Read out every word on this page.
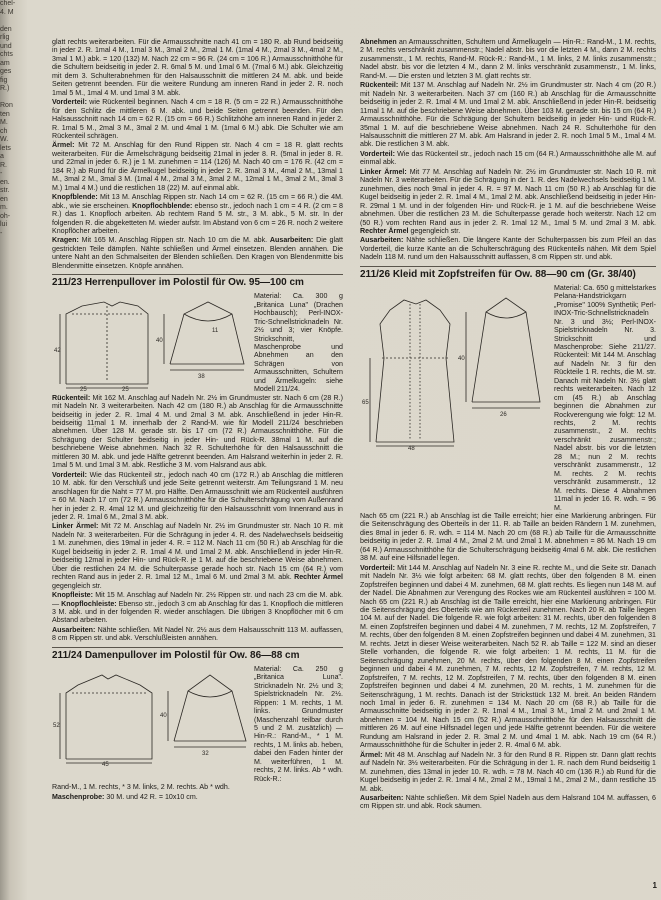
chel-
4. M

den
rlig
und
chts
am
ges
fig
R.)

Ron
ten
M.
ch
W.
lets
a
R.
-
en.
str.
en
m.
oh-
lui
-

glatt rechts weiterarbeiten. Für die Armausschnitte nach 41 cm = 180 R. ab Rund beidseitig in jeder 2. R. 1mal 4 M., 1mal 3 M., 3mal 2 M., 2mal 1 M. (1mal 4 M., 2mal 3 M., 4mal 2 M., 3mal 1 M.) abk. = 120 (132) M. Nach 22 cm = 96 R. (24 cm = 106 R.) Armausschnitthöhe für die Schultern beidseitig in jeder 2. R. 6mal 5 M. und 1mal 6 M. (7mal 6 M.) abk. Gleichzeitig mit dem 3. Schulterabnehmen für den Halsausschnitt die mittleren 24 M. abk. und beide Seiten getrennt beenden. Für die weitere Rundung am inneren Rand in jeder 2. R. noch 1mal 5 M., 1mal 4 M. und 1mal 3 M. abk.

Vorderteil: wie Rückenteil beginnen. Nach 4 cm = 18 R. (5 cm = 22 R.) Armausschnitthöhe für den Schlitz die mittleren 6 M. abk. und beide Seiten getrennt beenden. Für den Halsausschnitt nach 14 cm = 62 R. (15 cm = 66 R.) Schlitzhöhe am inneren Rand in jeder 2. R. 1mal 5 M., 2mal 3 M., 3mal 2 M. und 4mal 1 M. (1mal 6 M.) abk. Die Schulter wie am Rückenteil schrägen.

Ärmel: Mit 72 M. Anschlag für den Rund Rippen str. Nach 4 cm = 18 R. glatt rechts weiterarbeiten. Für die Ärmelschrägung beidseitig 21mal in jeder 8. R. (5mal in jeder 8. R. und 22mal in jeder 6. R.) je 1 M. zunehmen = 114 (126) M. Nach 40 cm = 176 R. (42 cm = 184 R.) ab Rund für die Ärmelkugel beidseitig in jeder 2. R. 3mal 3 M., 4mal 2 M., 13mal 1 M., 3mal 2 M., 3mal 3 M. (1mal 4 M., 2mal 3 M., 3mal 2 M., 12mal 1 M., 3mal 2 M., 3mal 3 M.) 1mal 4 M.) und die restlichen 18 (22) M. auf einmal abk.

Knopfblende: Mit 13 M. Anschlag Rippen str. Nach 14 cm = 62 R. (15 cm = 66 R.) die 4M. abk., wie sie erscheinen. Knopflochblende: ebenso str., jedoch nach 1 cm = 4 R. (2 cm = 8 R.) das 1. Knopfloch arbeiten. Ab rechtem Rand 5 M. str., 3 M. abk., 5 M. str. In der folgenden R. die abgeketteten M. wieder aufstr. Im Abstand von 6 cm = 26 R. noch 2 weitere Knopflöcher arbeiten.

Kragen: Mit 165 M. Anschlag Rippen str. Nach 10 cm die M. abk. Ausarbeiten: Die glatt gestrickten Teile dämpfen. Nähte schließen und Ärmel einsetzen. Blenden annähen. Die untere Naht an den Schmalseiten der Blenden schließen. Den Kragen von Blendenmitte bis Blendenmitte einsetzen. Knöpfe annähen.

211/23 Herrenpullover im Polostil für Ow. 95—100 cm
42
25	25
40
38
11
Material: Ca. 300 g „Britanica Luna" (Drachen Hochbausch); Perl-INOX-Tric-Schnellstricknadeln Nr. 2½ und 3; vier Knöpfe. Strickschnitt, Maschenprobe und Abnehmen an den Schrägen von Armausschnitten, Schultern und Ärmelkugeln: siehe Modell 211/24.

Rückenteil: Mit 162 M. Anschlag auf Nadeln Nr. 2½ im Grundmuster str. Nach 6 cm (28 R.) mit Nadeln Nr. 3 weiterarbeiten. Nach 42 cm (180 R.) ab Anschlag für die Armausschnitte beidseitig in jeder 2. R. 1mal 4 M. und 2mal 3 M. abk. Anschließend in jeder Hin-R. beidseitig 11mal 1 M. innerhalb der 2 Rand-M. wie für Modell 211/24 beschrieben abnehmen. Über 128 M. gerade str. bis 17 cm (72 R.) Armausschnitthöhe. Für die Schrägung der Schulter beidseitig in jeder Hin- und Rück-R. 38mal 1 M. auf die beschriebene Weise abnehmen. Nach 32 R. Schulterhöhe für den Halsausschnitt die mittleren 30 M. abk. und jede Hälfte getrennt beenden. Am Halsrand weiterhin in jeder 2. R. 1mal 5 M. und 1mal 3 M. abk. Restliche 3 M. vom Halsrand aus abk.

Vorderteil: Wie das Rückenteil str., jedoch nach 40 cm (172 R.) ab Anschlag die mittleren 10 M. abk. für den Verschluß und jede Seite getrennt weiterstr. Am Teilungsrand 1 M. neu anschlagen für die Naht = 77 M. pro Hälfte. Den Armausschnitt wie am Rückenteil ausführen = 60 M. Nach 17 cm (72 R.) Armausschnitthöhe für die Schulterschrägung vom Außenrand her in jeder 2. R. 4mal 12 M. und gleichzeitig für den Halsausschnitt vom Innenrand aus in jeder 2. R. 1mal 6 M., 2mal 3 M. abk.

Linker Ärmel: Mit 72 M. Anschlag auf Nadeln Nr. 2½ im Grundmuster str. Nach 10 R. mit Nadeln Nr. 3 weiterarbeiten. Für die Schrägung in jeder 4. R. des Nadelwechsels beidseitig 1 M. zunehmen, dies 19mal in jeder 4. R. = 112 M. Nach 11 cm (50 R.) ab Anschlag für die Kugel beidseitig in jeder 2. R. 1mal 4 M. und 1mal 2 M. abk. Anschließend in jeder Hin-R. beidseitig 12mal in jeder Hin- und Rück-R. je 1 M. auf die beschriebene Weise abnehmen. Über die restlichen 24 M. die Schulterpasse gerade hoch str. Nach 15 cm (64 R.) vom rechten Rand aus in jeder 2. R. 1mal 12 M., 1mal 6 M. und 2mal 3 M. abk. Rechter Ärmel gegengleich str.

Knopfleiste: Mit 15 M. Anschlag auf Nadeln Nr. 2½ Rippen str. und nach 23 cm die M. abk. — Knopflochleiste: Ebenso str., jedoch 3 cm ab Anschlag für das 1. Knopfloch die mittleren 3 M. abk. und in der folgenden R. wieder anschlagen. Die übrigen 3 Knopflöcher mit 6 cm Abstand arbeiten.

Ausarbeiten: Nähte schließen. Mit Nadel Nr. 2½ aus dem Halsausschnitt 113 M. auffassen, 8 cm Rippen str. und abk. Verschlußleisten annähen.

211/24 Damenpullover im Polostil für Ow. 86—88 cm
52
45
40
32
Material: Ca. 250 g „Britanica Luna". Stricknadeln Nr. 2½ und 3; Spielstricknadeln Nr. 2½. Rippen: 1 M. rechts, 1 M. links. Grundmuster (Maschenzahl teilbar durch 5 und 2 M. zusätzlich) — Hin-R.: Rand-M., * 1 M. rechts, 1 M. links ab. heben, dabei den Faden hinter der M. weiterführen, 1 M. rechts, 2 M. links. Ab * wdh. Rück-R.:

Rand-M., 1 M. rechts, * 3 M. links, 2 M. rechts. Ab * wdh.

Maschenprobe: 30 M. und 42 R. = 10x10 cm.

Abnehmen an Armausschnitten, Schultern und Ärmelkugeln — Hin-R.: Rand-M., 1 M. rechts, 2 M. rechts verschränkt zusammenstr.; Nadel abstr. bis vor die letzten 4 M., dann 2 M. rechts zusammenstr., 1 M. rechts, Rand-M. Rück-R.: Rand-M., 1 M. links, 2 M. links zusammenstr.; Nadel abstr. bis vor die letzten 4 M., dann 2 M. links verschränkt zusammenstr., 1 M. links, Rand-M. — Die ersten und letzten 3 M. glatt rechts str.

Rückenteil: Mit 137 M. Anschlag auf Nadeln Nr. 2½ im Grundmuster str. Nach 4 cm (20 R.) mit Nadeln Nr. 3 weiterarbeiten. Nach 37 cm (160 R.) ab Anschlag für die Armausschnitte beidseitig in jeder 2. R. 1mal 4 M. und 1mal 2 M. abk. Anschließend in jeder Hin-R. beidseitig 11mal 1 M. auf die beschriebene Weise abnehmen. Über 103 M. gerade str. bis 15 cm (64 R.) Armausschnitthöhe. Für die Schrägung der Schultern beidseitig in jeder Hin- und Rück-R. 35mal 1 M. auf die beschriebene Weise abnehmen. Nach 24 R. Schulterhöhe für den Halsausschnitt die mittleren 27 M. abk. Am Halsrand in jeder 2. R. noch 1mal 5 M., 1mal 4 M. abk. Die restlichen 3 M. abk.

Vorderteil: Wie das Rückenteil str., jedoch nach 15 cm (64 R.) Armausschnitthöhe alle M. auf einmal abk.

Linker Ärmel: Mit 77 M. Anschlag auf Nadeln Nr. 2½ im Grundmuster str. Nach 10 R. mit Nadeln Nr. 3 weiterarbeiten. Für die Schrägung in der 1. R. des Nadelwechsels beidseitig 1 M. zunehmen, dies noch 9mal in jeder 4. R. = 97 M. Nach 11 cm (50 R.) ab Anschlag für die Kugel beidseitig in jeder 2. R. 1mal 4 M., 1mal 2 M. abk. Anschließend beidseitig in jeder Hin-R. 29mal 1 M. und in der folgenden Hin- und Rück-R. je 1 M. auf die beschriebene Weise abnehmen. Über die restlichen 23 M. die Schulterpasse gerade hoch weiterstr. Nach 12 cm (50 R.) vom rechten Rand aus in jeder 2. R. 1mal 12 M., 1mal 5 M. und 2mal 3 M. abk. Rechter Ärmel gegengleich str.

Ausarbeiten: Nähte schließen. Die längere Kante der Schulterpassen bis zum Pfeil an das Vorderteil, die kurze Kante an die Schulterschrägung des Rückenteils nähen. Mit dem Spiel Nadeln 118 M. rund um den Halsausschnitt auffassen, 8 cm Rippen str. und abk.

211/26 Kleid mit Zopfstreifen für Ow. 88—90 cm (Gr. 38/40)
65
48
40
26
Material: Ca. 650 g mittelstarkes Pelana-Handstrickgarn „Promise" 100% Synthetik; Perl-INOX-Tric-Schnellstricknadeln Nr. 3 und 3½; Perl-INOX-Spielstricknadeln Nr. 3. Strickschnitt und Maschenprobe: Siehe 211/27. Rückenteil: Mit 144 M. Anschlag auf Nadeln Nr. 3 für den Rückteile 1 R. rechts, die M. str. Danach mit Nadeln Nr. 3½ glatt rechts weiterarbeiten. Nach 12 cm (45 R.) ab Anschlag beginnen die Abnahmen zur Rockverengung wie folgt: 12 M. rechts, 2 M. rechts zusammenstr., 2 M. rechts verschränkt zusammenstr.; Nadel abstr. bis vor die letzten 28 M.; nun 2 M. rechts verschränkt zusammenstr., 12 M. rechts. 2 M. rechts verschränkt zusammenstr., 12 M. rechts. Diese 4 Abnahmen 11mal in jeder 16. R. wdh. = 96 M.

Nach 65 cm (221 R.) ab Anschlag ist die Taille erreicht; hier eine Markierung anbringen. Für die Seitenschrägung des Oberteils in der 11. R. ab Taille an beiden Rändern 1 M. zunehmen, dies 8mal in jeder 6. R. wdh. = 114 M. Nach 20 cm (68 R.) ab Taille für die Armausschnitte beidseitig in jeder 2. R. 1mal 4 M., 2mal 2 M. und 2mal 1 M. abnehmen = 86 M. Nach 19 cm (64 R.) Armausschnitthöhe für die Schulterschrägung beidseitig 4mal 6 M. abk. Die restlichen 38 M. auf eine Hilfsnadel legen.

Vorderteil: Mit 144 M. Anschlag auf Nadeln Nr. 3 eine R. rechte M., und die Seite str. Danach mit Nadeln Nr. 3½ wie folgt arbeiten: 68 M. glatt rechts, über den folgenden 8 M. einen Zopfstreifen beginnen und dabei 4 M. zunehmen, 68 M. glatt rechts. Es liegen nun 148 M. auf der Nadel. Die Abnahmen zur Verengung des Rockes wie am Rückenteil ausführen = 100 M. Nach 65 cm (221 R.) ab Anschlag ist die Taille erreicht, hier eine Markierung anbringen. Für die Seitenschrägung des Oberteils wie am Rückenteil zunehmen. Nach 20 R. ab Taille liegen 104 M. auf der Nadel. Die folgende R. wie folgt arbeiten: 31 M. rechts, über den folgenden 8 M. einen Zopfstreifen beginnen und dabei 4 M. zunehmen, 7 M. rechts, 12 M. Zopfstreifen, 7 M. rechts, über den folgenden 8 M. einen Zopfstreifen beginnen und dabei 4 M. zunehmen, 31 M. rechts. Jetzt in dieser Weise weiterarbeiten. Nach 52 R. ab Taille = 122 M. sind an dieser Stelle vorhanden, die folgende R. wie folgt arbeiten: 1 M. rechts, 11 M. für die Seitenschrägung zunehmen, 20 M. rechts, über den folgenden 8 M. einen Zopfstreifen beginnen und dabei 4 M. zunehmen, 7 M. rechts, 12 M. Zopfstreifen, 7 M. rechts, 12 M. Zopfstreifen, 7 M. rechts, 12 M. Zopfstreifen, 7 M. rechts, über den folgenden 8 M. einen Zopfstreifen beginnen und dabei 4 M. zunehmen, 20 M. rechts, 1 M. zunehmen für die Seitenschrägung, 1 M. rechts. Danach ist der Strickstück 132 M. breit. An beiden Rändern noch 1mal in jeder 6. R. zunehmen = 134 M. Nach 20 cm (68 R.) ab Taille für die Armausschnitte beidseitig in jeder 2. R. 1mal 4 M., 1mal 3 M., 1mal 2 M. und 2mal 1 M. abnehmen = 104 M. Nach 15 cm (52 R.) Armausschnitthöhe für den Halsausschnitt die mittleren 26 M. auf eine Hilfsnadel legen und jede Hälfte getrennt beenden. Für die weitere Rundung am Halsrand in jeder 2. R. 3mal 2 M. und 4mal 1 M. abk. Nach 19 cm (64 R.) Armausschnitthöhe für die Schulter in jeder 2. R. 4mal 6 M. abk.

Ärmel: Mit 48 M. Anschlag auf Nadeln Nr. 3 für den Rund 8 R. Rippen str. Dann glatt rechts auf Nadeln Nr. 3½ weiterarbeiten. Für die Schrägung in der 1. R. nach dem Rund beidseitig 1 M. zunehmen, dies 13mal in jeder 10. R. wdh. = 78 M. Nach 40 cm (136 R.) ab Rund für die Kugel beidseitig in jeder 2. R. 1mal 4 M., 2mal 2 M., 19mal 1 M., 2mal 2 M., dann restliche 15 M. abk.

Ausarbeiten: Nähte schließen. Mit dem Spiel Nadeln aus dem Halsrand 104 M. auffassen, 6 cm Rippen str. und abk. Rock säumen.

1
